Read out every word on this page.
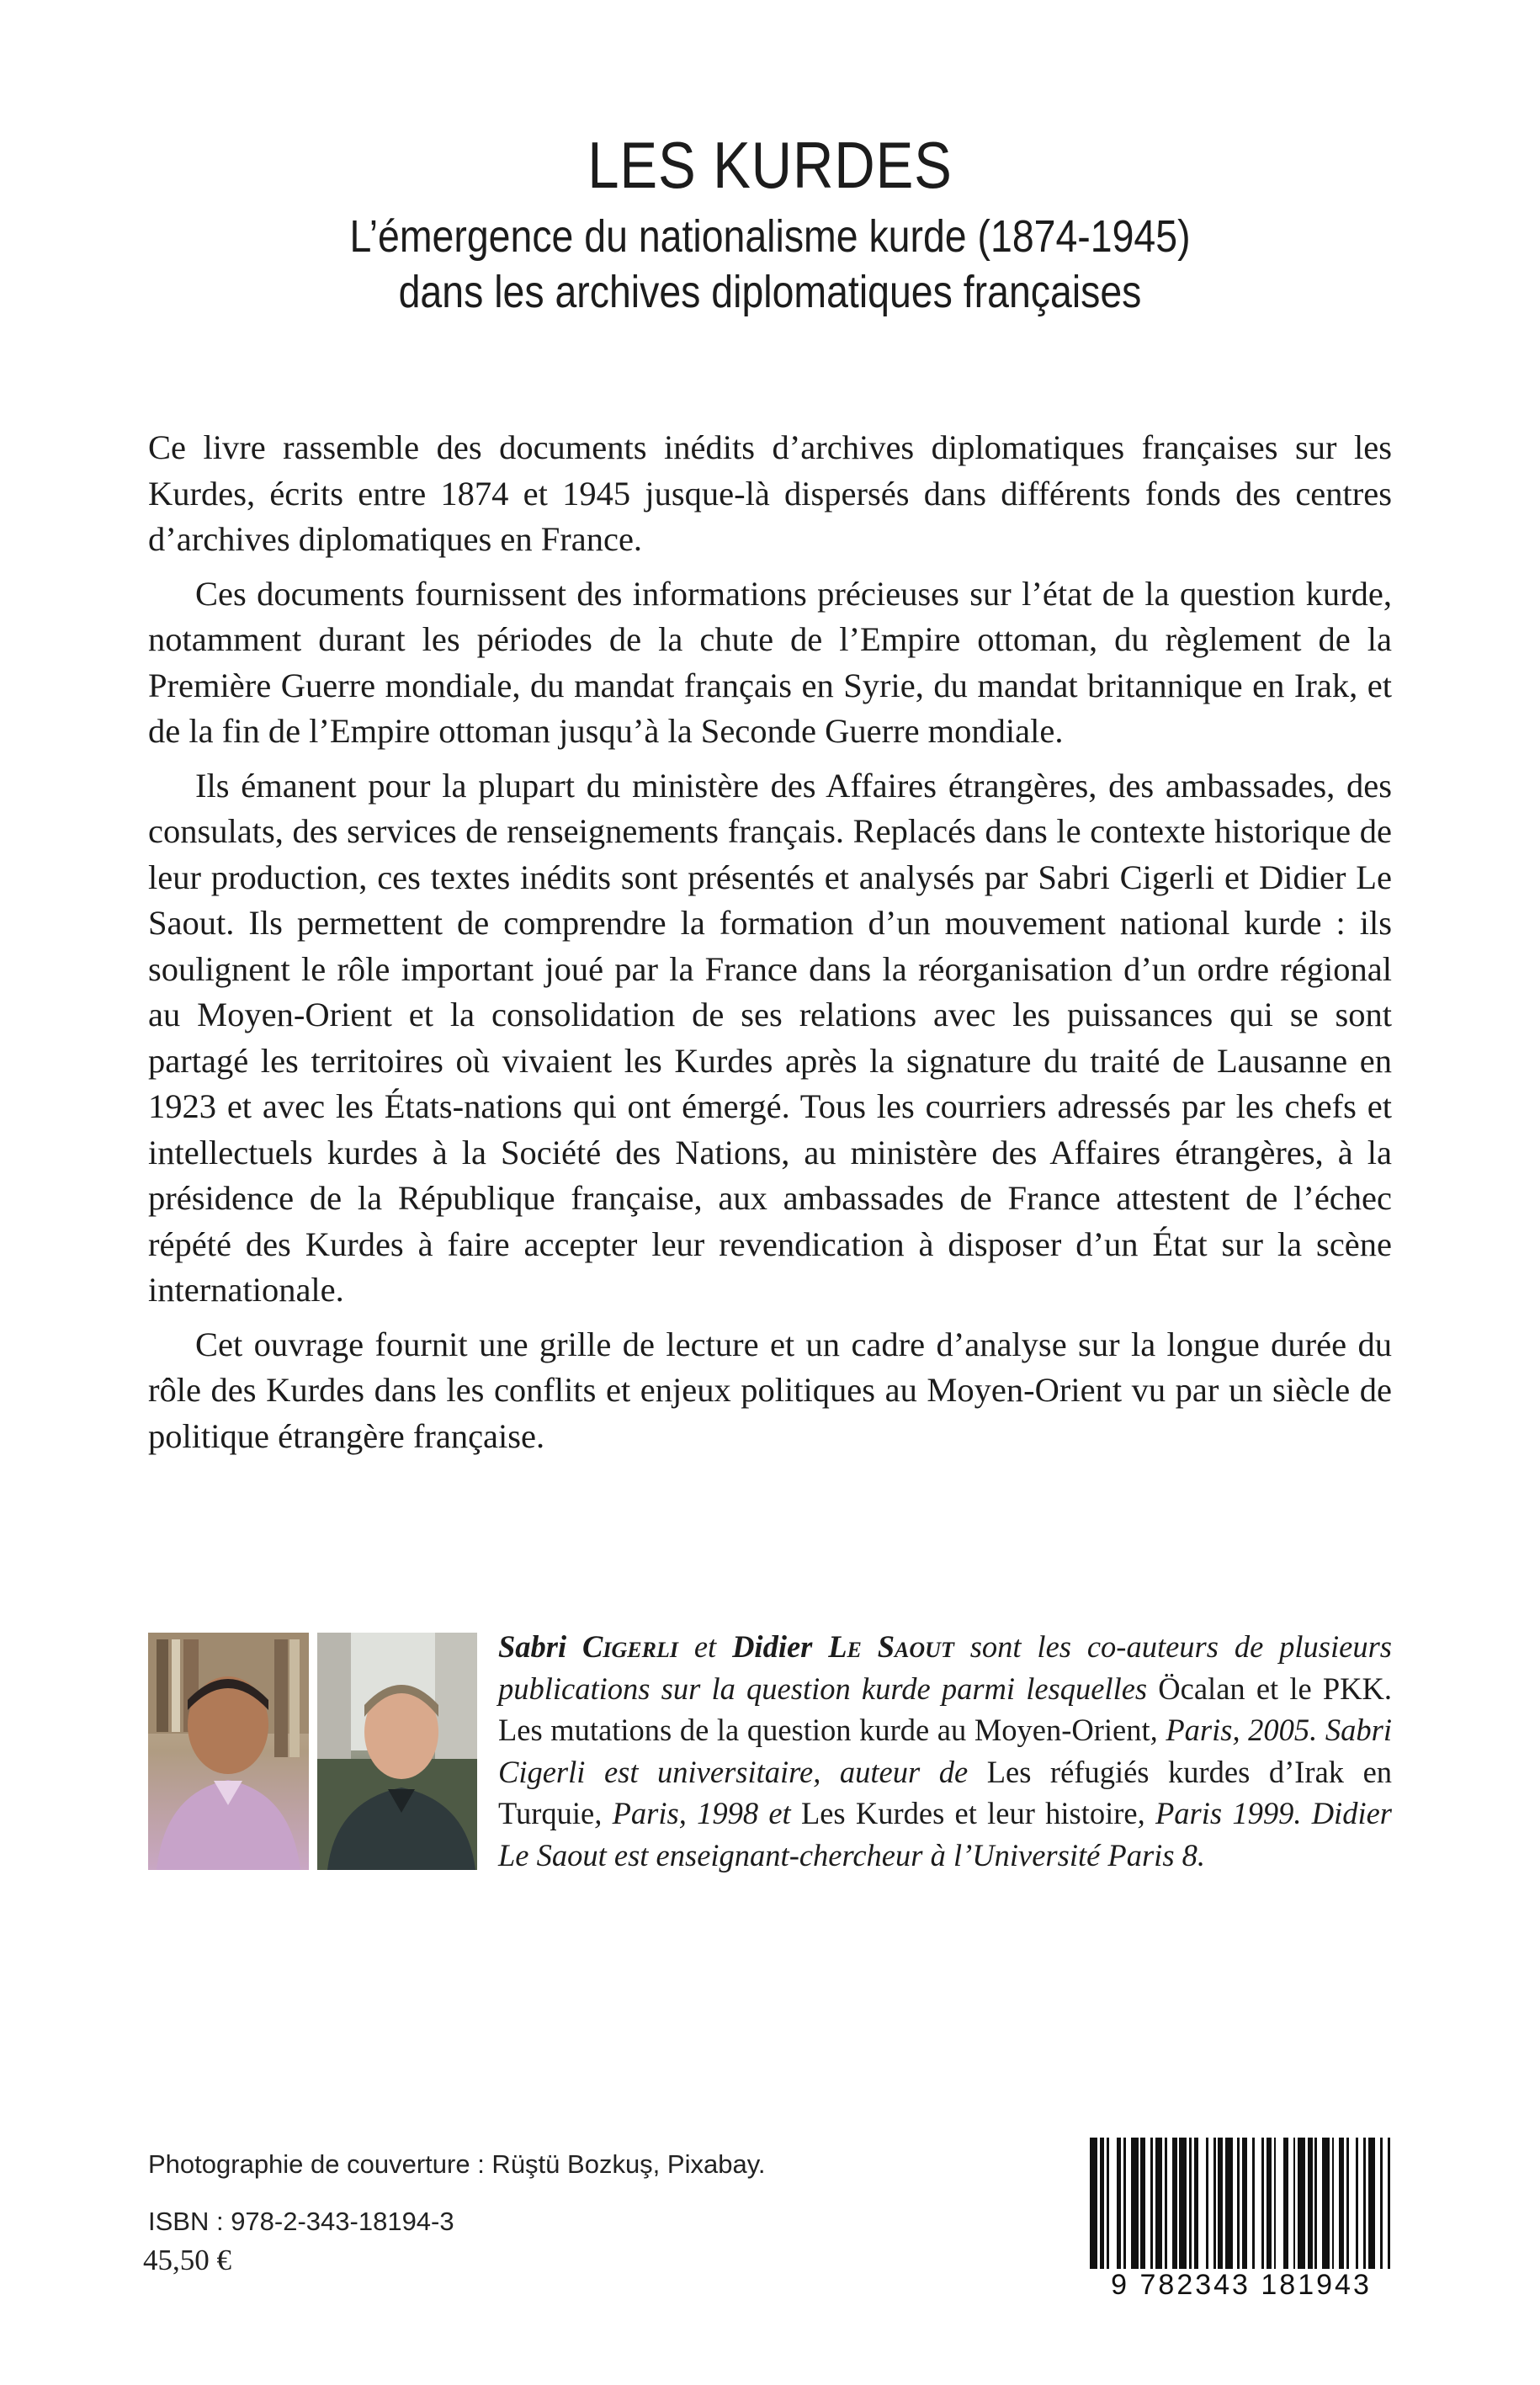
LES KURDES
L’émergence du nationalisme kurde (1874-1945)
dans les archives diplomatiques françaises

Ce livre rassemble des documents inédits d’archives diplomatiques françaises sur les Kurdes, écrits entre 1874 et 1945 jusque-là dispersés dans différents fonds des centres d’archives diplomatiques en France.

Ces documents fournissent des informations précieuses sur l’état de la question kurde, notamment durant les périodes de la chute de l’Empire ottoman, du règlement de la Première Guerre mondiale, du mandat français en Syrie, du mandat britannique en Irak, et de la fin de l’Empire ottoman jusqu’à la Seconde Guerre mondiale.

Ils émanent pour la plupart du ministère des Affaires étrangères, des ambassades, des consulats, des services de renseignements français. Replacés dans le contexte historique de leur production, ces textes inédits sont présentés et analysés par Sabri Cigerli et Didier Le Saout. Ils permettent de comprendre la formation d’un mouvement national kurde : ils soulignent le rôle important joué par la France dans la réorganisation d’un ordre régional au Moyen-Orient et la consolidation de ses relations avec les puissances qui se sont partagé les territoires où vivaient les Kurdes après la signature du traité de Lausanne en 1923 et avec les États-nations qui ont émergé. Tous les courriers adressés par les chefs et intellectuels kurdes à la Société des Nations, au ministère des Affaires étrangères, à la présidence de la République française, aux ambassades de France attestent de l’échec répété des Kurdes à faire accepter leur revendication à disposer d’un État sur la scène internationale.

Cet ouvrage fournit une grille de lecture et un cadre d’analyse sur la longue durée du rôle des Kurdes dans les conflits et enjeux politiques au Moyen-Orient vu par un siècle de politique étrangère française.

Sabri Cigerli et Didier Le Saout sont les co-auteurs de plusieurs publications sur la question kurde parmi lesquelles Öcalan et le PKK. Les mutations de la question kurde au Moyen-Orient, Paris, 2005. Sabri Cigerli est universitaire, auteur de Les réfugiés kurdes d’Irak en Turquie, Paris, 1998 et Les Kurdes et leur histoire, Paris 1999. Didier Le Saout est enseignant-chercheur à l’Université Paris 8.
Photographie de couverture : Rüştü Bozkuş, Pixabay.
ISBN : 978-2-343-18194-3
45,50 €
9 782343 181943
